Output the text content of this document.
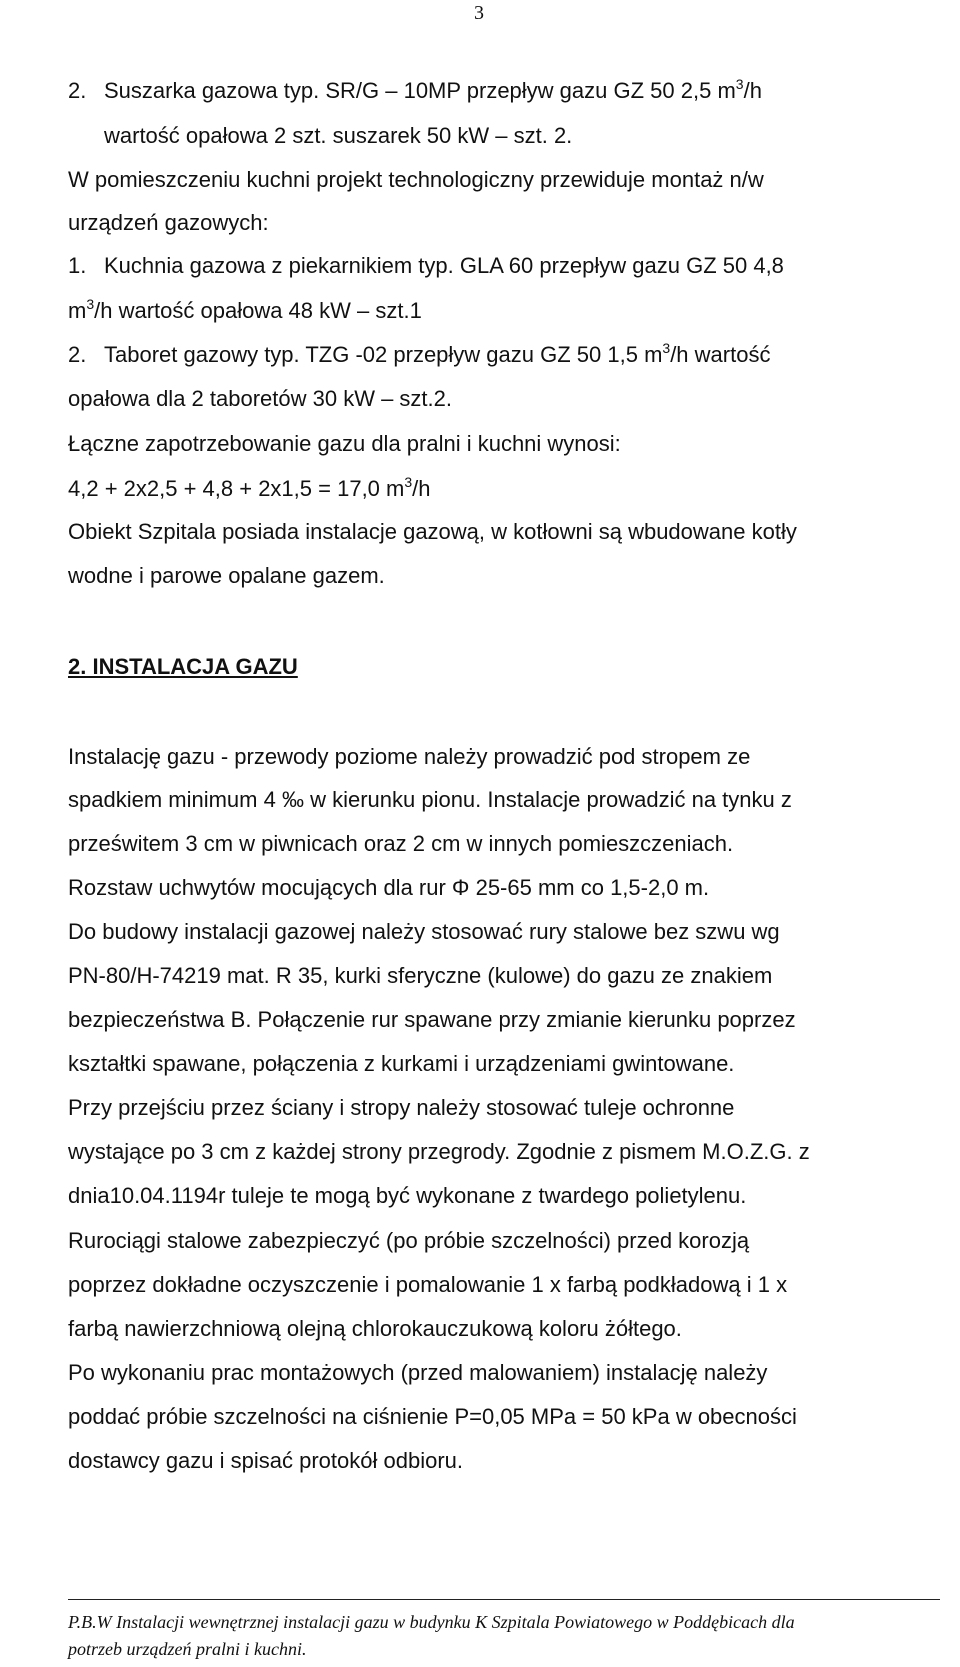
3
2. Suszarka gazowa typ. SR/G – 10MP przepływ gazu GZ 50 2,5 $m^3/h$
wartość opałowa 2 szt. suszarek 50 kW – szt. 2.
W pomieszczeniu kuchni projekt technologiczny przewiduje montaż n/w
urządzeń gazowych:
1. Kuchnia gazowa z piekarnikiem typ. GLA 60 przepływ gazu GZ 50 4,8
$m^3/h$ wartość opałowa 48 kW – szt.1
2. Taboret gazowy typ. TZG -02 przepływ gazu GZ 50 1,5 $m^3/h$ wartość
opałowa dla 2 taboretów 30 kW – szt.2.
Łączne zapotrzebowanie gazu dla pralni i kuchni wynosi:
4,2 + 2x2,5 + 4,8 + 2x1,5 = 17,0 $m^3/h$
Obiekt Szpitala posiada instalacje gazową, w kotłowni są wbudowane kotły
wodne i parowe opalane gazem.
2. INSTALACJA GAZU
Instalację gazu - przewody poziome należy prowadzić pod stropem ze
spadkiem minimum 4 ‰ w kierunku pionu. Instalacje prowadzić na tynku z
prześwitem 3 cm w piwnicach oraz 2 cm w innych pomieszczeniach.
Rozstaw uchwytów mocujących dla rur Φ 25-65 mm co 1,5-2,0 m.
Do budowy instalacji gazowej należy stosować rury stalowe bez szwu wg
PN-80/H-74219 mat. R 35, kurki sferyczne (kulowe) do gazu ze znakiem
bezpieczeństwa B. Połączenie rur spawane przy zmianie kierunku poprzez
kształtki spawane, połączenia z kurkami i urządzeniami gwintowane.
Przy przejściu przez ściany i stropy należy stosować tuleje ochronne
wystające po 3 cm z każdej strony przegrody. Zgodnie z pismem M.O.Z.G. z
dnia10.04.1194r tuleje te mogą być wykonane z twardego polietylenu.
Rurociągi stalowe zabezpieczyć (po próbie szczelności) przed korozją
poprzez dokładne oczyszczenie i pomalowanie 1 x farbą podkładową i 1 x
farbą nawierzchniową olejną chlorokauczukową koloru żółtego.
Po wykonaniu prac montażowych (przed malowaniem) instalację należy
poddać próbie szczelności na ciśnienie P=0,05 MPa = 50 kPa w obecności
dostawcy gazu i spisać protokół odbioru.
P.B.W Instalacji wewnętrznej instalacji gazu w budynku K Szpitala Powiatowego w Poddębicach dla
potrzeb urządzeń pralni i kuchni.
